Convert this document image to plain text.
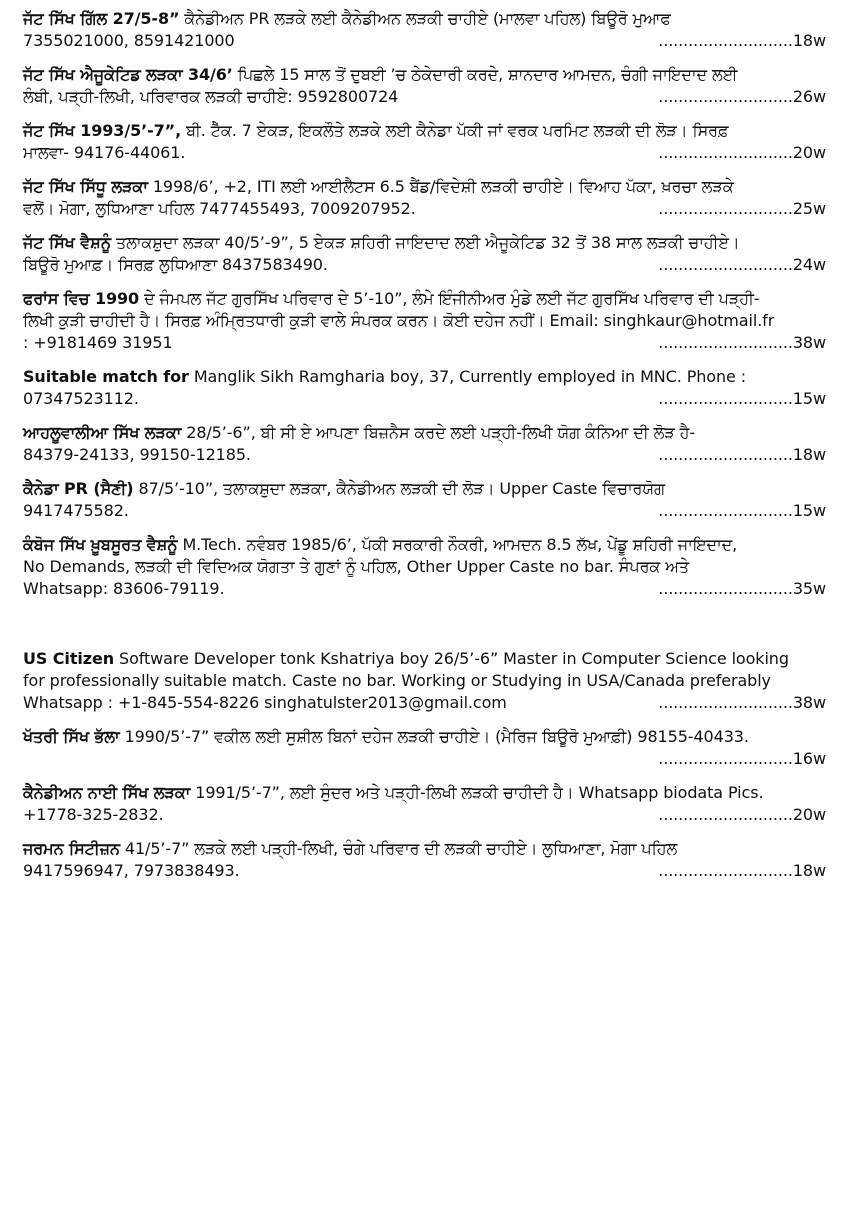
ਜੱਟ ਸਿੱਖ ਗਿੱਲ 27/5-8” ਕੈਨੇਡੀਅਨ PR ਲੜਕੇ ਲਈ ਕੈਨੇਡੀਅਨ ਲੜਕੀ ਚਾਹੀਏ (ਮਾਲਵਾ ਪਹਿਲ) ਬਿਊਰੋ ਮੁਆਫ
7355021000, 8591421000	...........................18w
ਜੱਟ ਸਿੱਖ ਐਜੂਕੇਟਿਡ ਲੜਕਾ 34/6’ ਪਿਛਲੇ 15 ਸਾਲ ਤੋਂ ਦੁਬਈ ’ਚ ਠੇਕੇਦਾਰੀ ਕਰਦੇ, ਸ਼ਾਨਦਾਰ ਆਮਦਨ, ਚੰਗੀ ਜਾਇਦਾਦ ਲਈ
ਲੰਬੀ, ਪੜ੍ਹੀ-ਲਿਖੀ, ਪਰਿਵਾਰਕ ਲੜਕੀ ਚਾਹੀਏ: 9592800724	...........................26w
ਜੱਟ ਸਿੱਖ 1993/5’-7”, ਬੀ. ਟੈੱਕ. 7 ਏਕੜ, ਇਕਲੌਤੇ ਲੜਕੇ ਲਈ ਕੈਨੇਡਾ ਪੱਕੀ ਜਾਂ ਵਰਕ ਪਰਮਿਟ ਲੜਕੀ ਦੀ ਲੋੜ। ਸਿਰਫ਼
ਮਾਲਵਾ- 94176-44061.	...........................20w
ਜੱਟ ਸਿੱਖ ਸਿੱਧੂ ਲੜਕਾ 1998/6’, +2, ITI ਲਈ ਆਈਲੈਟਸ 6.5 ਬੈਂਡ/ਵਿਦੇਸ਼ੀ ਲੜਕੀ ਚਾਹੀਏ। ਵਿਆਹ ਪੱਕਾ, ਖ਼ਰਚਾ ਲੜਕੇ
ਵਲੋਂ। ਮੋਗਾ, ਲੁਧਿਆਣਾ ਪਹਿਲ 7477455493, 7009207952.	...........................25w
ਜੱਟ ਸਿੱਖ ਵੈਸ਼ਨੂੰ ਤਲਾਕਸ਼ੁਦਾ ਲੜਕਾ 40/5’-9”, 5 ਏਕੜ ਸ਼ਹਿਰੀ ਜਾਇਦਾਦ ਲਈ ਐਜੂਕੇਟਿਡ 32 ਤੋਂ 38 ਸਾਲ ਲੜਕੀ ਚਾਹੀਏ।
ਬਿਊਰੋ ਮੁਆਫ਼। ਸਿਰਫ਼ ਲੁਧਿਆਣਾ 8437583490.	...........................24w
ਫਰਾਂਸ ਵਿਚ 1990 ਦੇ ਜੰਮਪਲ ਜੱਟ ਗੁਰਸਿੱਖ ਪਰਿਵਾਰ ਦੇ 5’-10”, ਲੰਮੇ ਇੰਜੀਨੀਅਰ ਮੁੰਡੇ ਲਈ ਜੱਟ ਗੁਰਸਿੱਖ ਪਰਿਵਾਰ ਦੀ ਪੜ੍ਹੀ-
ਲਿਖੀ ਕੁੜੀ ਚਾਹੀਦੀ ਹੈ। ਸਿਰਫ਼ ਅੰਮ੍ਰਿਤਧਾਰੀ ਕੁੜੀ ਵਾਲੇ ਸੰਪਰਕ ਕਰਨ। ਕੋਈ ਦਹੇਜ ਨਹੀਂ। Email: singhkaur@hotmail.fr
: +9181469 31951	...........................38w
Suitable match for Manglik Sikh Ramgharia boy, 37, Currently employed in MNC. Phone :
07347523112.	...........................15w
ਆਹਲੂਵਾਲੀਆ ਸਿੱਖ ਲੜਕਾ 28/5’-6”, ਬੀ ਸੀ ਏ ਆਪਣਾ ਬਿਜ਼ਨੈਸ ਕਰਦੇ ਲਈ ਪੜ੍ਹੀ-ਲਿਖੀ ਯੋਗ ਕੰਨਿਆ ਦੀ ਲੋੜ ਹੈ-
84379-24133, 99150-12185.	...........................18w
ਕੈਨੇਡਾ PR (ਸੈਣੀ) 87/5’-10”, ਤਲਾਕਸ਼ੁਦਾ ਲੜਕਾ, ਕੈਨੇਡੀਅਨ ਲੜਕੀ ਦੀ ਲੋੜ। Upper Caste ਵਿਚਾਰਯੋਗ
9417475582.	...........................15w
ਕੰਬੋਜ ਸਿੱਖ ਖ਼ੂਬਸੂਰਤ ਵੈਸ਼ਨੂੰ M.Tech. ਨਵੰਬਰ 1985/6’, ਪੱਕੀ ਸਰਕਾਰੀ ਨੌਕਰੀ, ਆਮਦਨ 8.5 ਲੱਖ, ਪੇਂਡੂ ਸ਼ਹਿਰੀ ਜਾਇਦਾਦ,
No Demands, ਲੜਕੀ ਦੀ ਵਿਦਿਅਕ ਯੋਗਤਾ ਤੇ ਗੁਣਾਂ ਨੂੰ ਪਹਿਲ, Other Upper Caste no bar. ਸੰਪਰਕ ਅਤੇ
Whatsapp: 83606-79119.	...........................35w
US Citizen Software Developer tonk Kshatriya boy 26/5’-6” Master in Computer Science looking
for professionally suitable match. Caste no bar. Working or Studying in USA/Canada preferably
Whatsapp : +1-845-554-8226 singhatulster2013@gmail.com	...........................38w
ਖੱਤਰੀ ਸਿੱਖ ਭੱਲਾ 1990/5’-7” ਵਕੀਲ ਲਈ ਸੁਸ਼ੀਲ ਬਿਨਾਂ ਦਹੇਜ ਲੜਕੀ ਚਾਹੀਏ। (ਮੈਰਿਜ ਬਿਊਰੋ ਮੁਆਫ਼ੀ) 98155-40433.
...........................16w
ਕੈਨੇਡੀਅਨ ਨਾਈ ਸਿੱਖ ਲੜਕਾ 1991/5’-7”, ਲਈ ਸੁੰਦਰ ਅਤੇ ਪੜ੍ਹੀ-ਲਿਖੀ ਲੜਕੀ ਚਾਹੀਦੀ ਹੈ। Whatsapp biodata Pics.
+1778-325-2832.	...........................20w
ਜਰਮਨ ਸਿਟੀਜ਼ਨ 41/5’-7” ਲੜਕੇ ਲਈ ਪੜ੍ਹੀ-ਲਿਖੀ, ਚੰਗੇ ਪਰਿਵਾਰ ਦੀ ਲੜਕੀ ਚਾਹੀਏ। ਲੁਧਿਆਣਾ, ਮੋਗਾ ਪਹਿਲ
9417596947, 7973838493.	...........................18w
